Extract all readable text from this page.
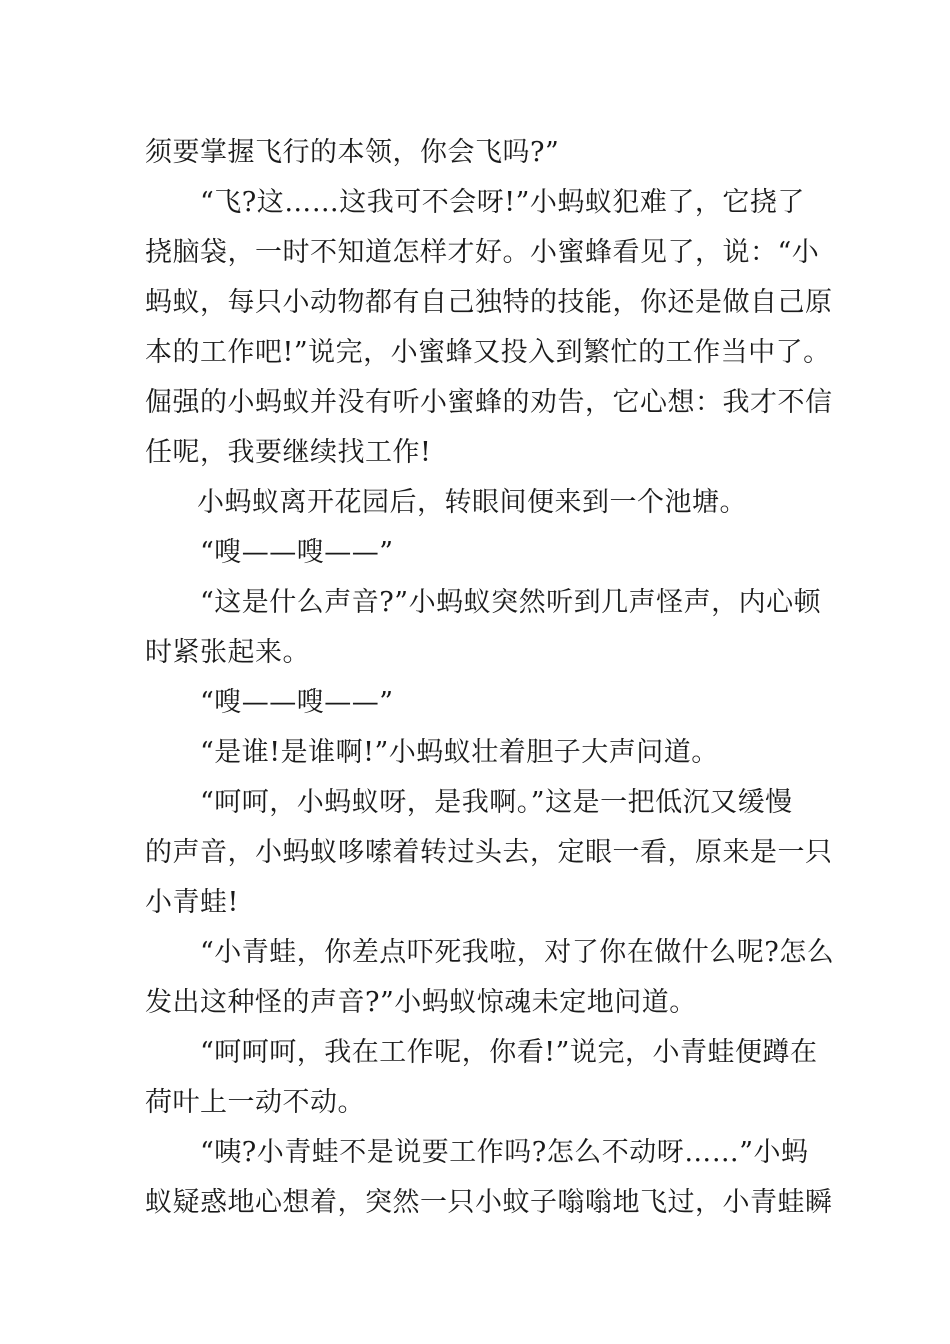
须要掌握飞行的本领，你会飞吗?”
“飞?这……这我可不会呀!”小蚂蚁犯难了，它挠了
挠脑袋，一时不知道怎样才好。小蜜蜂看见了，说：“小
蚂蚁，每只小动物都有自己独特的技能，你还是做自己原
本的工作吧!”说完，小蜜蜂又投入到繁忙的工作当中了。
倔强的小蚂蚁并没有听小蜜蜂的劝告，它心想：我才不信
任呢，我要继续找工作!
小蚂蚁离开花园后，转眼间便来到一个池塘。
“嗖——嗖——”
“这是什么声音?”小蚂蚁突然听到几声怪声，内心顿
时紧张起来。
“嗖——嗖——”
“是谁!是谁啊!”小蚂蚁壮着胆子大声问道。
“呵呵，小蚂蚁呀，是我啊。”这是一把低沉又缓慢
的声音，小蚂蚁哆嗦着转过头去，定眼一看，原来是一只
小青蛙!
“小青蛙，你差点吓死我啦，对了你在做什么呢?怎么
发出这种怪的声音?”小蚂蚁惊魂未定地问道。
“呵呵呵，我在工作呢，你看!”说完，小青蛙便蹲在
荷叶上一动不动。
“咦?小青蛙不是说要工作吗?怎么不动呀……”小蚂
蚁疑惑地心想着，突然一只小蚊子嗡嗡地飞过，小青蛙瞬
